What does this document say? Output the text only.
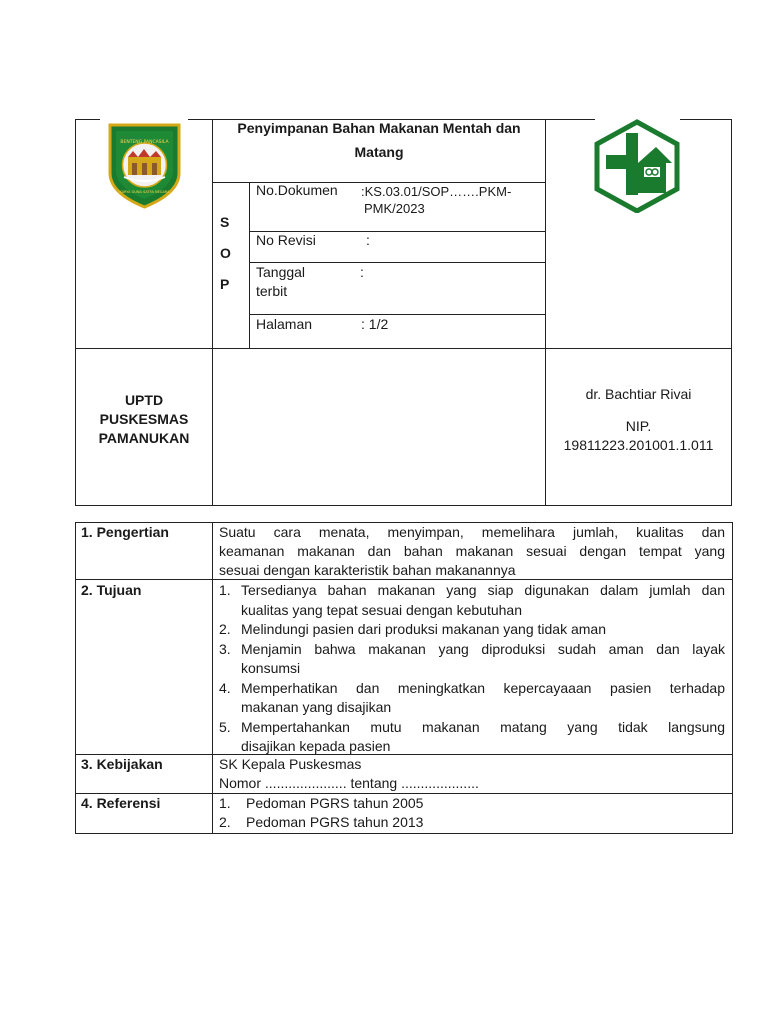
BENTENG PANCASILA
KARYA GUNA SATYA NEGARA
Penyimpanan Bahan Makanan Mentah dan
Matang
S
O
P
No.Dokumen :KS.03.01/SOP…….PKM-
PMK/2023
No Revisi	:
Tanggal
terbit
:
Halaman	: 1/2
UPTD
PUSKESMAS
PAMANUKAN
dr. Bachtiar Rivai
NIP.
19811223.201001.1.011
1. Pengertian	Suatu cara menata, menyimpan, memelihara jumlah, kualitas dan
keamanan makanan dan bahan makanan sesuai dengan tempat yang
sesuai dengan karakteristik bahan makanannya
2. Tujuan	1. Tersedianya bahan makanan yang siap digunakan dalam jumlah dan
kualitas yang tepat sesuai dengan kebutuhan
2. Melindungi pasien dari produksi makanan yang tidak aman
3. Menjamin bahwa makanan yang diproduksi sudah aman dan layak
konsumsi
4. Memperhatikan dan meningkatkan kepercayaaan pasien terhadap
makanan yang disajikan
5. Mempertahankan mutu makanan matang yang tidak langsung
disajikan kepada pasien
3. Kebijakan	SK Kepala Puskesmas
Nomor ..................... tentang ....................
4. Referensi	1. Pedoman PGRS tahun 2005
2. Pedoman PGRS tahun 2013
